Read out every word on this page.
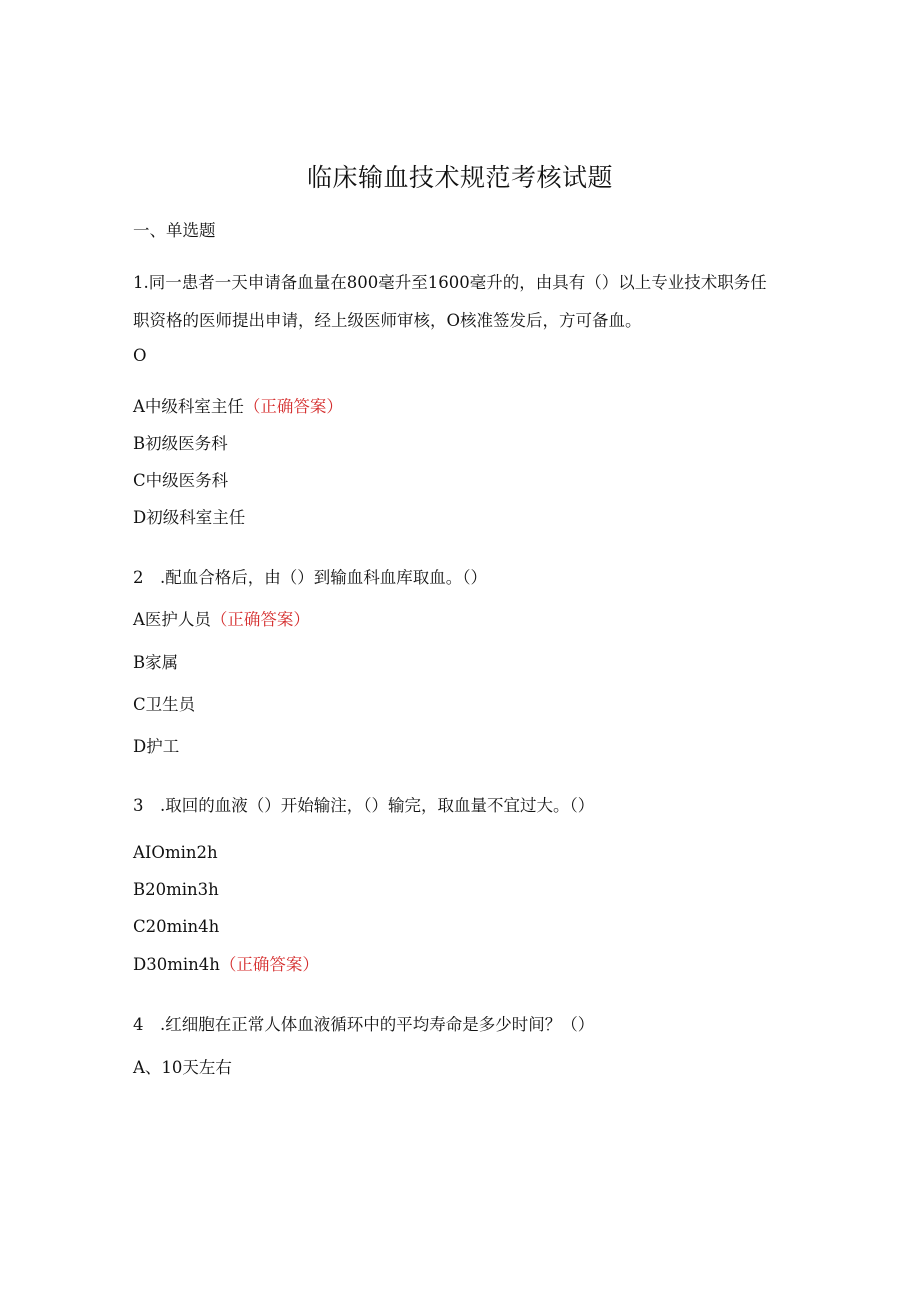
临床输血技术规范考核试题
一、单选题
1.同一患者一天申请备血量在800毫升至1600毫升的，由具有（）以上专业技术职务任职资格的医师提出申请，经上级医师审核，O核准签发后，方可备血。
O
A中级科室主任（正确答案）
B初级医务科
C中级医务科
D初级科室主任
2　.配血合格后，由（）到输血科血库取血。（）
A医护人员（正确答案）
B家属
C卫生员
D护工
3　.取回的血液（）开始输注，（）输完，取血量不宜过大。（）
AIOmin2h
B20min3h
C20min4h
D30min4h（正确答案）
4　.红细胞在正常人体血液循环中的平均寿命是多少时间？（）
A、10天左右
